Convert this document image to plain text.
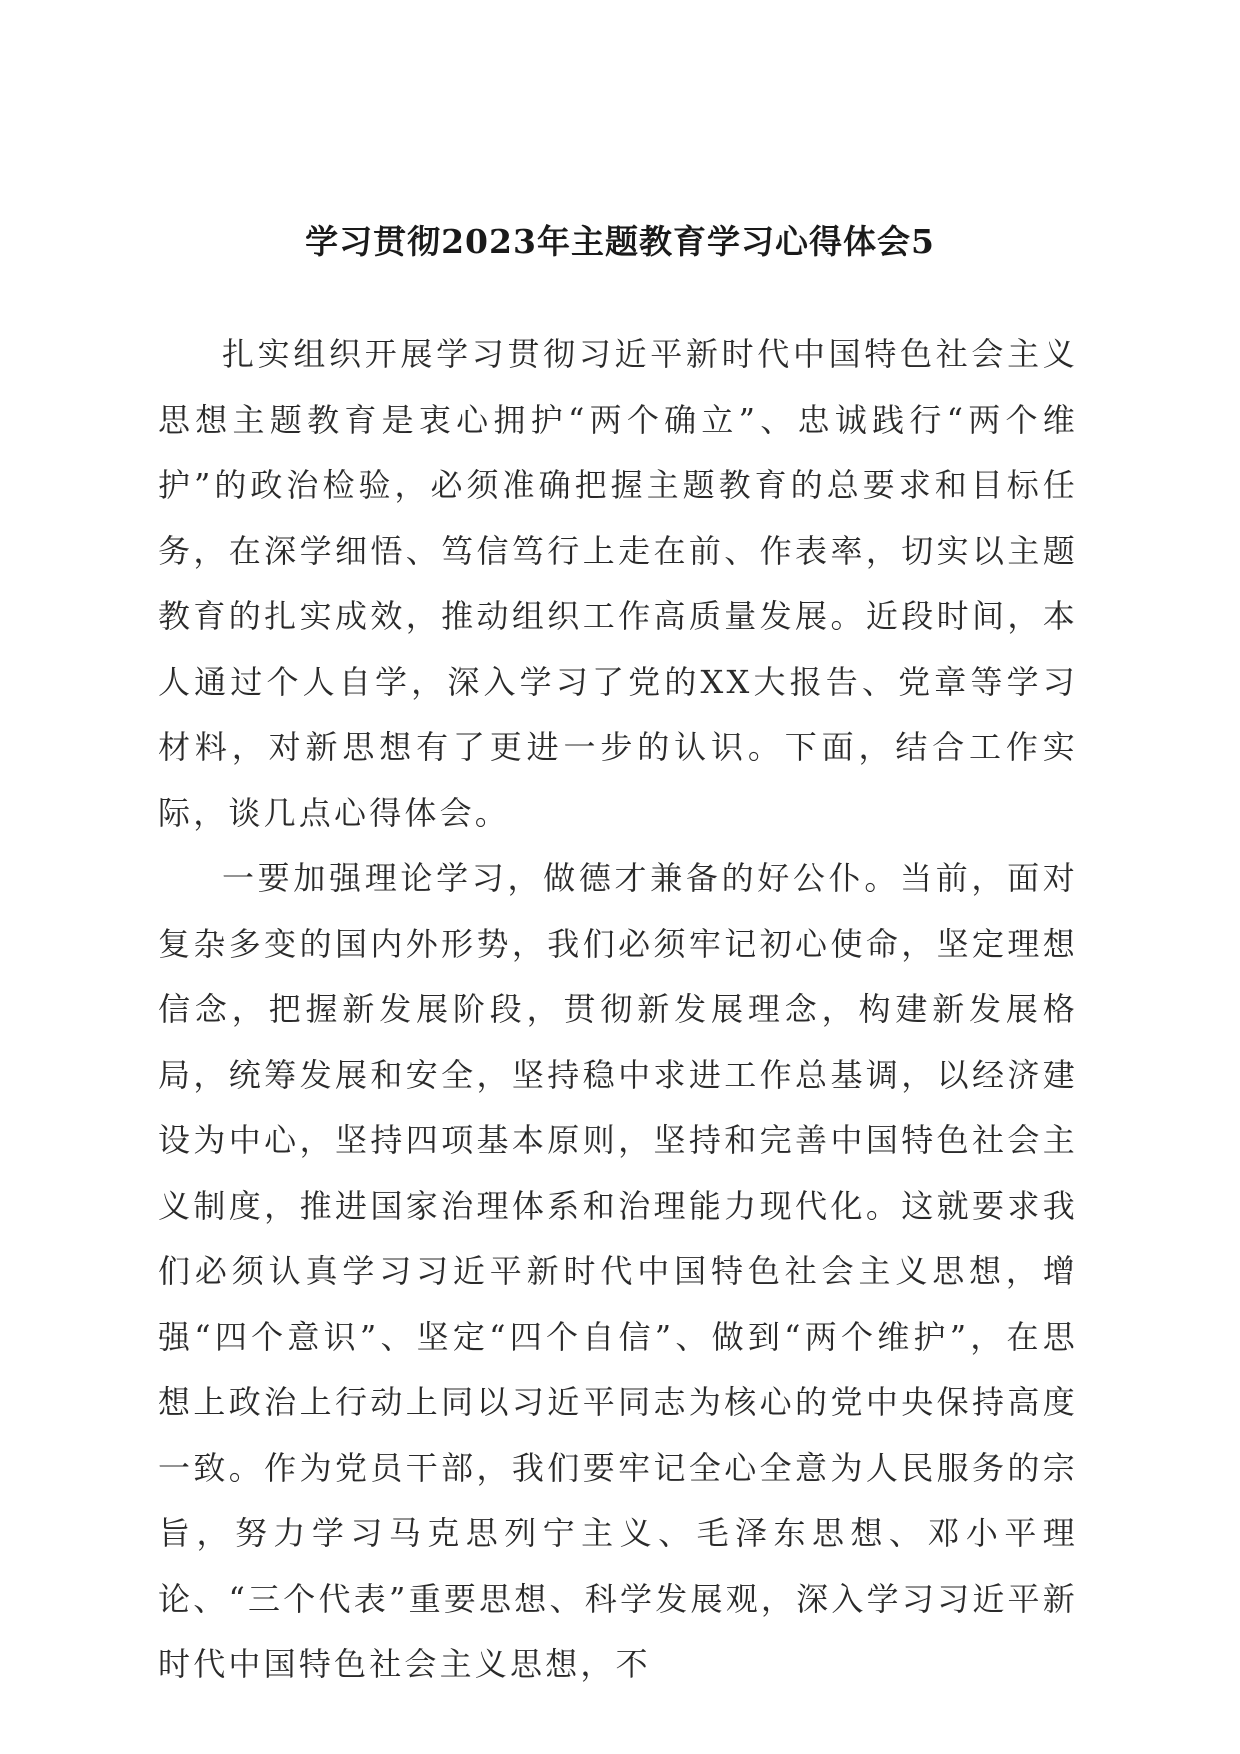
学习贯彻2023年主题教育学习心得体会5

扎实组织开展学习贯彻习近平新时代中国特色社会主义思想主题教育是衷心拥护“两个确立”、忠诚践行“两个维护”的政治检验，必须准确把握主题教育的总要求和目标任务，在深学细悟、笃信笃行上走在前、作表率，切实以主题教育的扎实成效，推动组织工作高质量发展。近段时间，本人通过个人自学，深入学习了党的XX大报告、党章等学习材料，对新思想有了更进一步的认识。下面，结合工作实际，谈几点心得体会。

一要加强理论学习，做德才兼备的好公仆。当前，面对复杂多变的国内外形势，我们必须牢记初心使命，坚定理想信念，把握新发展阶段，贯彻新发展理念，构建新发展格局，统筹发展和安全，坚持稳中求进工作总基调，以经济建设为中心，坚持四项基本原则，坚持和完善中国特色社会主义制度，推进国家治理体系和治理能力现代化。这就要求我们必须认真学习习近平新时代中国特色社会主义思想，增强“四个意识”、坚定“四个自信”、做到“两个维护”，在思想上政治上行动上同以习近平同志为核心的党中央保持高度一致。作为党员干部，我们要牢记全心全意为人民服务的宗旨，努力学习马克思列宁主义、毛泽东思想、邓小平理论、“三个代表”重要思想、科学发展观，深入学习习近平新时代中国特色社会主义思想，不
